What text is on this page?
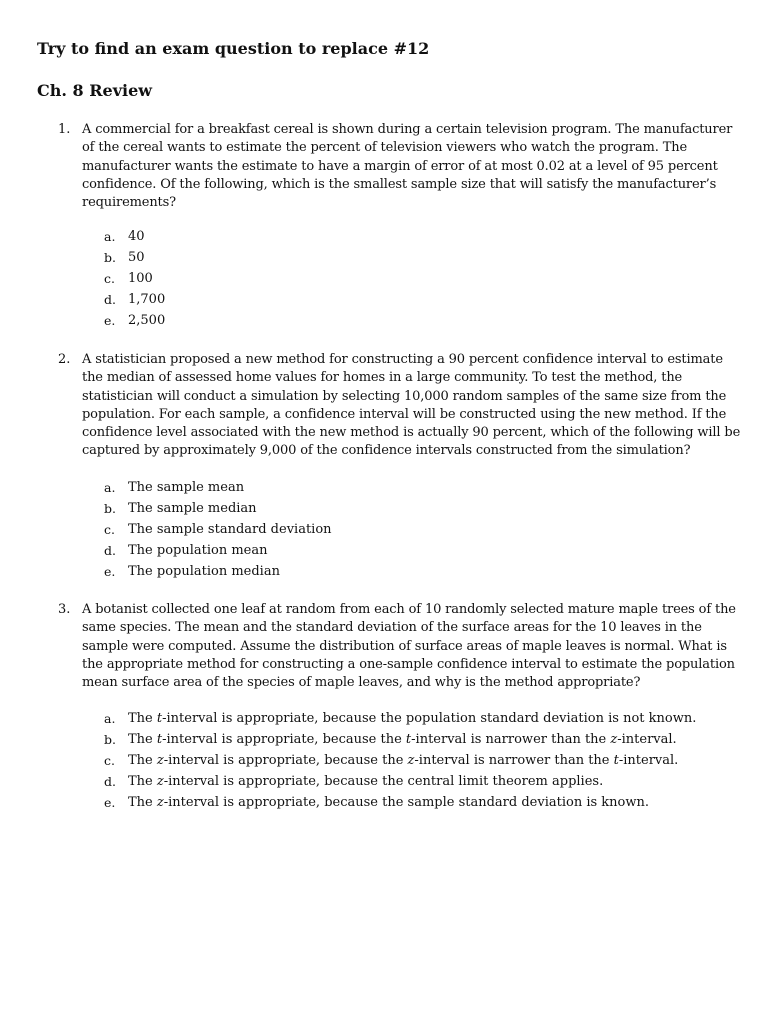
Try to find an exam question to replace #12
Ch. 8 Review
1. A commercial for a breakfast cereal is shown during a certain television program. The manufacturer
of the cereal wants to estimate the percent of television viewers who watch the program. The
manufacturer wants the estimate to have a margin of error of at most 0.02 at a level of 95 percent
confidence. Of the following, which is the smallest sample size that will satisfy the manufacturer’s
requirements?
a. 40
b. 50
c. 100
d. 1,700
e. 2,500
2. A statistician proposed a new method for constructing a 90 percent confidence interval to estimate
the median of assessed home values for homes in a large community. To test the method, the
statistician will conduct a simulation by selecting 10,000 random samples of the same size from the
population. For each sample, a confidence interval will be constructed using the new method. If the
confidence level associated with the new method is actually 90 percent, which of the following will be
captured by approximately 9,000 of the confidence intervals constructed from the simulation?
a. The sample mean
b. The sample median
c. The sample standard deviation
d. The population mean
e. The population median
3. A botanist collected one leaf at random from each of 10 randomly selected mature maple trees of the
same species. The mean and the standard deviation of the surface areas for the 10 leaves in the
sample were computed. Assume the distribution of surface areas of maple leaves is normal. What is
the appropriate method for constructing a one-sample confidence interval to estimate the population
mean surface area of the species of maple leaves, and why is the method appropriate?
a. The t-interval is appropriate, because the population standard deviation is not known.
b. The t-interval is appropriate, because the t-interval is narrower than the z-interval.
c. The z-interval is appropriate, because the z-interval is narrower than the t-interval.
d. The z-interval is appropriate, because the central limit theorem applies.
e. The z-interval is appropriate, because the sample standard deviation is known.
